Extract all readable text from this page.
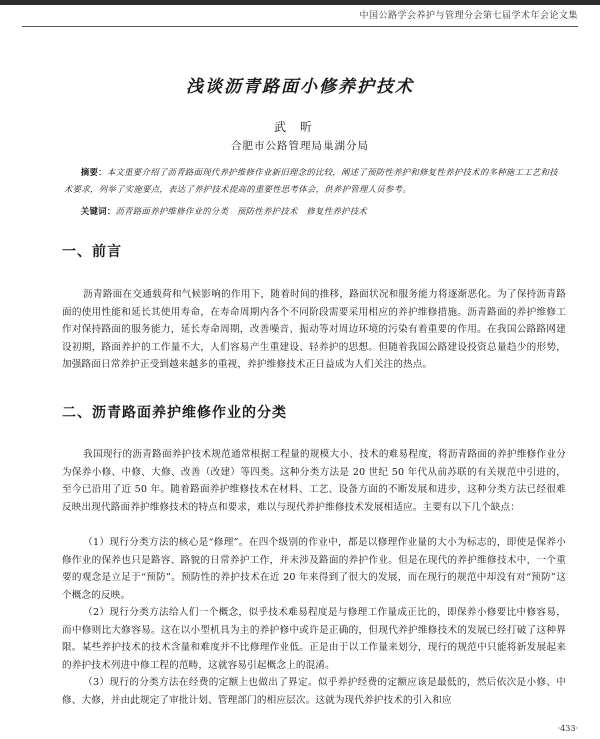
中国公路学会养护与管理分会第七届学术年会论文集
浅谈沥青路面小修养护技术
武昕
合肥市公路管理局巢湖分局
摘要：本文重要介绍了沥青路面现代养护维修作业新旧理念的比较，阐述了预防性养护和修复性养护技术的多种施工工艺和技术要求，列举了实施要点，表达了养护技术提高的重要性思考体会，供养护管理人员参考。
关键词：沥青路面养护维修作业的分类　预防性养护技术　修复性养护技术
一、前言
沥青路面在交通载荷和气候影响的作用下，随着时间的推移，路面状况和服务能力将逐渐恶化。为了保持沥青路面的使用性能和延长其使用寿命，在寿命周期内各个不同阶段需要采用相应的养护维修措施。沥青路面的养护维修工作对保持路面的服务能力，延长寿命周期，改善噪音、振动等对周边环境的污染有着重要的作用。在我国公路路网建设初期，路面养护的工作量不大，人们容易产生重建设、轻养护的思想。但随着我国公路建设投资总量趋少的形势，加强路面日常养护正受到越来越多的重视，养护维修技术正日益成为人们关注的热点。
二、沥青路面养护维修作业的分类
我国现行的沥青路面养护技术规范通常根据工程量的规模大小、技术的难易程度，将沥青路面的养护维修作业分为保养小修、中修、大修、改善（改建）等四类。这种分类方法是 20 世纪 50 年代从前苏联的有关规范中引进的，至今已沿用了近 50 年。随着路面养护维修技术在材料、工艺、设备方面的不断发展和进步，这种分类方法已经很难反映出现代路面养护维修技术的特点和要求，难以与现代养护维修技术发展相适应。主要有以下几个缺点：
（1）现行分类方法的核心是“修理”。在四个级别的作业中，都是以修理作业量的大小为标志的，即使是保养小修作业的保养也只是路容、路貌的日常养护工作，并未涉及路面的养护作业。但是在现代的养护维修技术中，一个重要的观念是立足于“预防”。预防性的养护技术在近 20 年来得到了很大的发展，而在现行的规范中却没有对“预防”这个概念的反映。
（2）现行分类方法给人们一个概念，似乎技术难易程度是与修理工作量成正比的，即保养小修要比中修容易，而中修则比大修容易。这在以小型机具为主的养护修中或许是正确的，但现代养护维修技术的发展已经打破了这种界限。某些养护技术的技术含量和难度并不比修理作业低。正是由于以工作量来划分，现行的规范中只能将新发展起来的养护技术列进中修工程的范畴，这就容易引起概念上的混淆。
（3）现行的分类方法在经费的定额上也做出了界定。似乎养护经费的定额应该是最低的，然后依次是小修、中修、大修，并由此规定了审批计划、管理部门的相应层次。这就为现代养护技术的引入和应
·433·
